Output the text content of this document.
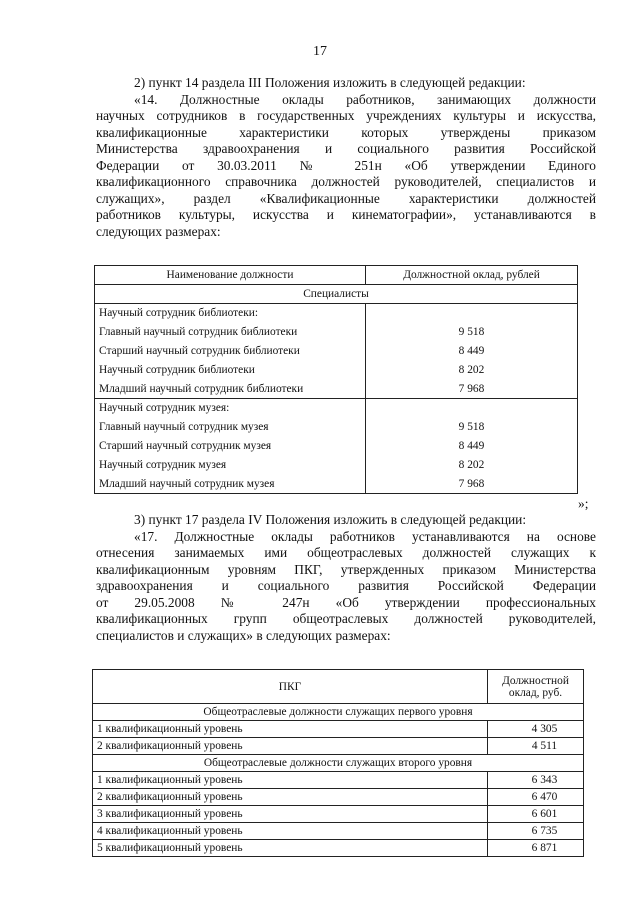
17
2) пункт 14 раздела III Положения изложить в следующей редакции:
«14. Должностные оклады работников, занимающих должности
научных сотрудников в государственных учреждениях культуры и искусства,
квалификационные характеристики которых утверждены приказом
Министерства здравоохранения и социального развития Российской
Федерации от 30.03.2011 № 251н «Об утверждении Единого
квалификационного справочника должностей руководителей, специалистов и
служащих», раздел «Квалификационные характеристики должностей
работников культуры, искусства и кинематографии», устанавливаются в
следующих размерах:
Наименование должности	Должностной оклад, рублей
Специалисты	
Научный сотрудник библиотеки:	
Главный научный сотрудник библиотеки	9 518
Старший научный сотрудник библиотеки	8 449
Научный сотрудник библиотеки	8 202
Младший научный сотрудник библиотеки	7 968
Научный сотрудник музея:	
Главный научный сотрудник музея	9 518
Старший научный сотрудник музея	8 449
Научный сотрудник музея	8 202
Младший научный сотрудник музея	7 968
»;
3) пункт 17 раздела IV Положения изложить в следующей редакции:
«17. Должностные оклады работников устанавливаются на основе
отнесения занимаемых ими общеотраслевых должностей служащих к
квалификационным уровням ПКГ, утвержденных приказом Министерства
здравоохранения и социального развития Российской Федерации
от 29.05.2008 № 247н «Об утверждении профессиональных
квалификационных групп общеотраслевых должностей руководителей,
специалистов и служащих» в следующих размерах:
ПКГ	Должностной оклад, руб.
Общеотраслевые должности служащих первого уровня	
1 квалификационный уровень	4 305
2 квалификационный уровень	4 511
Общеотраслевые должности служащих второго уровня	
1 квалификационный уровень	6 343
2 квалификационный уровень	6 470
3 квалификационный уровень	6 601
4 квалификационный уровень	6 735
5 квалификационный уровень	6 871
